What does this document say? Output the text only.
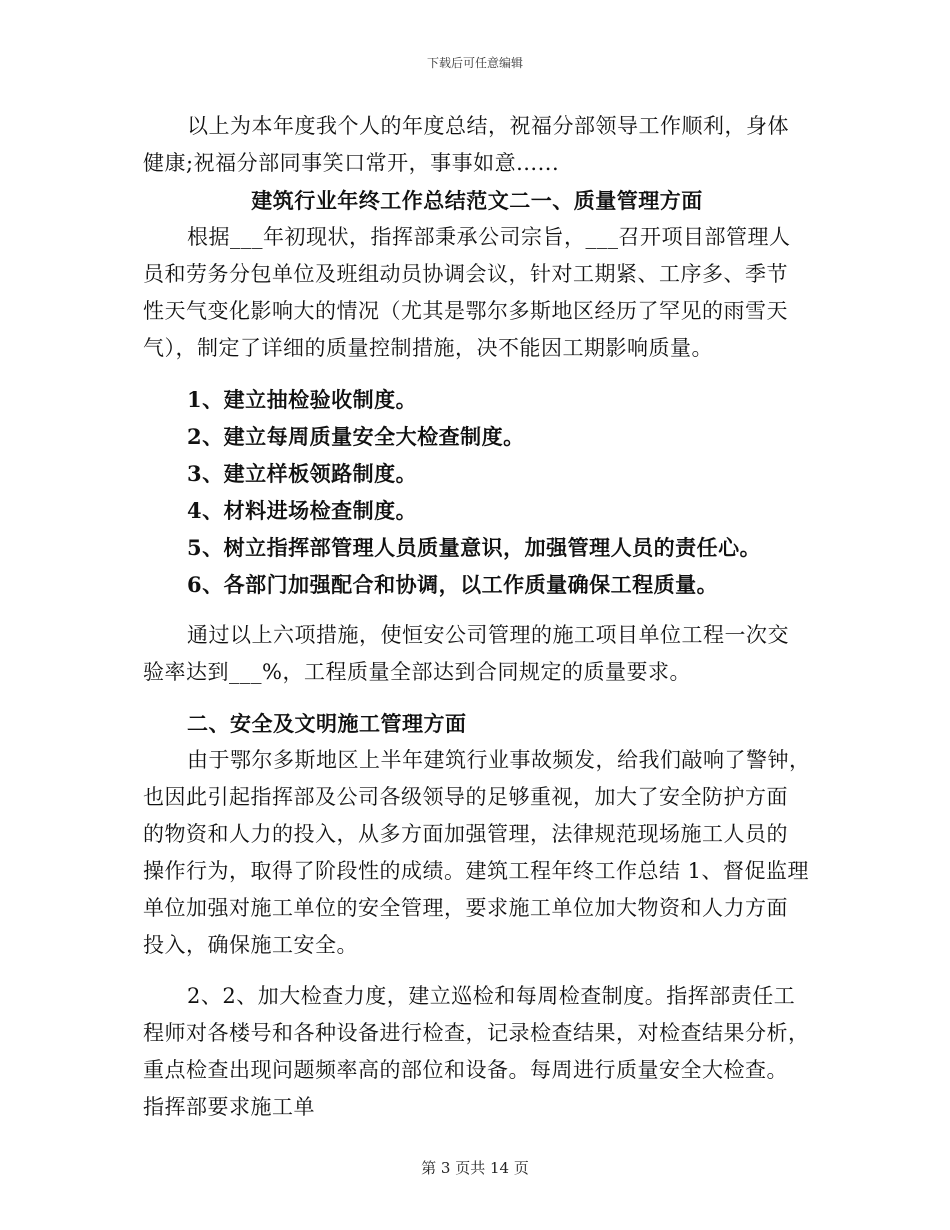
下载后可任意编辑
以上为本年度我个人的年度总结，祝福分部领导工作顺利，身体
健康;祝福分部同事笑口常开，事事如意......
建筑行业年终工作总结范文二一、质量管理方面
根据___年初现状，指挥部秉承公司宗旨，___召开项目部管理人
员和劳务分包单位及班组动员协调会议，针对工期紧、工序多、季节
性天气变化影响大的情况（尤其是鄂尔多斯地区经历了罕见的雨雪天
气），制定了详细的质量控制措施，决不能因工期影响质量。
1、建立抽检验收制度。
2、建立每周质量安全大检查制度。
3、建立样板领路制度。
4、材料进场检查制度。
5、树立指挥部管理人员质量意识，加强管理人员的责任心。
6、各部门加强配合和协调，以工作质量确保工程质量。
通过以上六项措施，使恒安公司管理的施工项目单位工程一次交
验率达到___%，工程质量全部达到合同规定的质量要求。
二、安全及文明施工管理方面
由于鄂尔多斯地区上半年建筑行业事故频发，给我们敲响了警钟，
也因此引起指挥部及公司各级领导的足够重视，加大了安全防护方面
的物资和人力的投入，从多方面加强管理，法律规范现场施工人员的
操作行为，取得了阶段性的成绩。建筑工程年终工作总结 1、督促监理
单位加强对施工单位的安全管理，要求施工单位加大物资和人力方面
投入，确保施工安全。
2、2、加大检查力度，建立巡检和每周检查制度。指挥部责任工
程师对各楼号和各种设备进行检查，记录检查结果，对检查结果分析，
重点检查出现问题频率高的部位和设备。每周进行质量安全大检查。
指挥部要求施工单
第 3 页共 14 页
